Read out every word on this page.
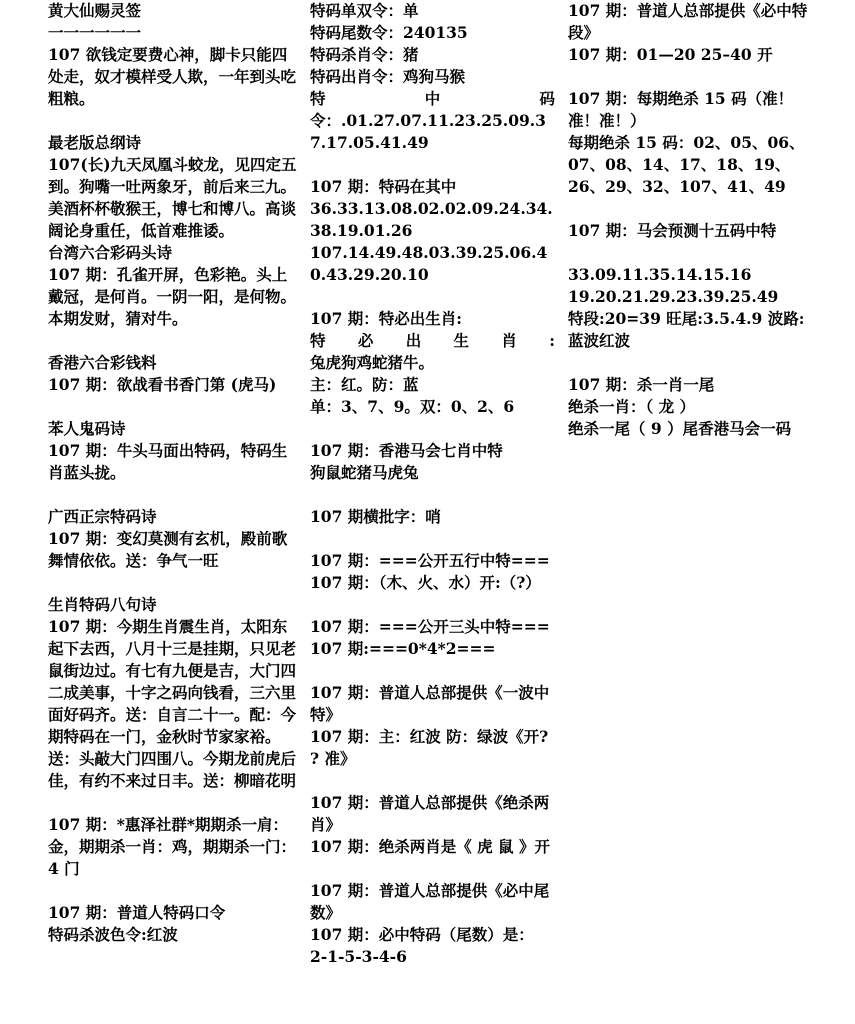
黄大仙赐灵签

一一一一一一

107 欲钱定要费心神，脚卡只能四处走，奴才模样受人欺，一年到头吃粗粮。

最老版总纲诗

107(长)九天凤凰斗蛟龙，见四定五到。狗嘴一吐两象牙，前后来三九。美酒杯杯敬猴王，博七和博八。高谈阔论身重任，低首难推诿。

台湾六合彩码头诗

107 期：孔雀开屏，色彩艳。头上戴冠，是何肖。一阴一阳，是何物。本期发财，猜对牛。

香港六合彩钱料

107 期：欲战看书香门第 (虎马)

苯人鬼码诗

107 期：牛头马面出特码，特码生肖蓝头拢。

广西正宗特码诗

107 期：变幻莫测有玄机，殿前歌舞情依依。送：争气一旺

生肖特码八句诗

107 期：今期生肖震生肖，太阳东起下去西，八月十三是挂期，只见老鼠街边过。有七有九便是吉，大门四二成美事，十字之码向钱看，三六里面好码齐。送：自言二十一。配：今期特码在一门，金秋时节家家裕。送：头敲大门四围八。今期龙前虎后佳，有约不来过日丰。送：柳暗花明

107 期：*惠泽社群*期期杀一肩：金，期期杀一肖：鸡，期期杀一门：4 门

107 期：普道人特码口令

特码杀波色令:红波

特码单双令：单

特码尾数令：240135

特码杀肖令：猪

特码出肖令：鸡狗马猴

特	中	码

令：.01.27.07.11.23.25.09.37.17.05.41.49

107 期：特码在其中

36.33.13.08.02.02.09.24.34.38.19.01.26

107.14.49.48.03.39.25.06.40.43.29.20.10

107 期：特必出生肖:

特 必 出 生 肖 :

兔虎狗鸡蛇猪牛。

主：红。防：蓝

单：3、7、9。双：0、2、6

107 期：香港马会七肖中特

狗鼠蛇猪马虎兔

107 期横批字：哨

107 期：===公开五行中特===

107 期：（木、火、水）开:（?）

107 期：===公开三头中特===

107 期:===0*4*2===

107 期：普道人总部提供《一波中特》

107 期：主：红波 防：绿波《开? ? 准》

107 期：普道人总部提供《绝杀两肖》

107 期：绝杀两肖是《 虎 鼠 》开

107 期：普道人总部提供《必中尾数》

107 期：必中特码（尾数）是：

2-1-5-3-4-6

107 期：普道人总部提供《必中特段》

107 期：01—20 25–40 开

107 期：每期绝杀 15 码（准！准！准！）

每期绝杀 15 码：02、05、06、07、08、14、17、18、19、26、29、32、107、41、49

107 期：马会预测十五码中特

33.09.11.35.14.15.16

19.20.21.29.23.39.25.49

特段:20=39 旺尾:3.5.4.9 波路:蓝波红波

107 期：杀一肖一尾

绝杀一肖：（ 龙 ）

绝杀一尾（ 9 ）尾香港马会一码
